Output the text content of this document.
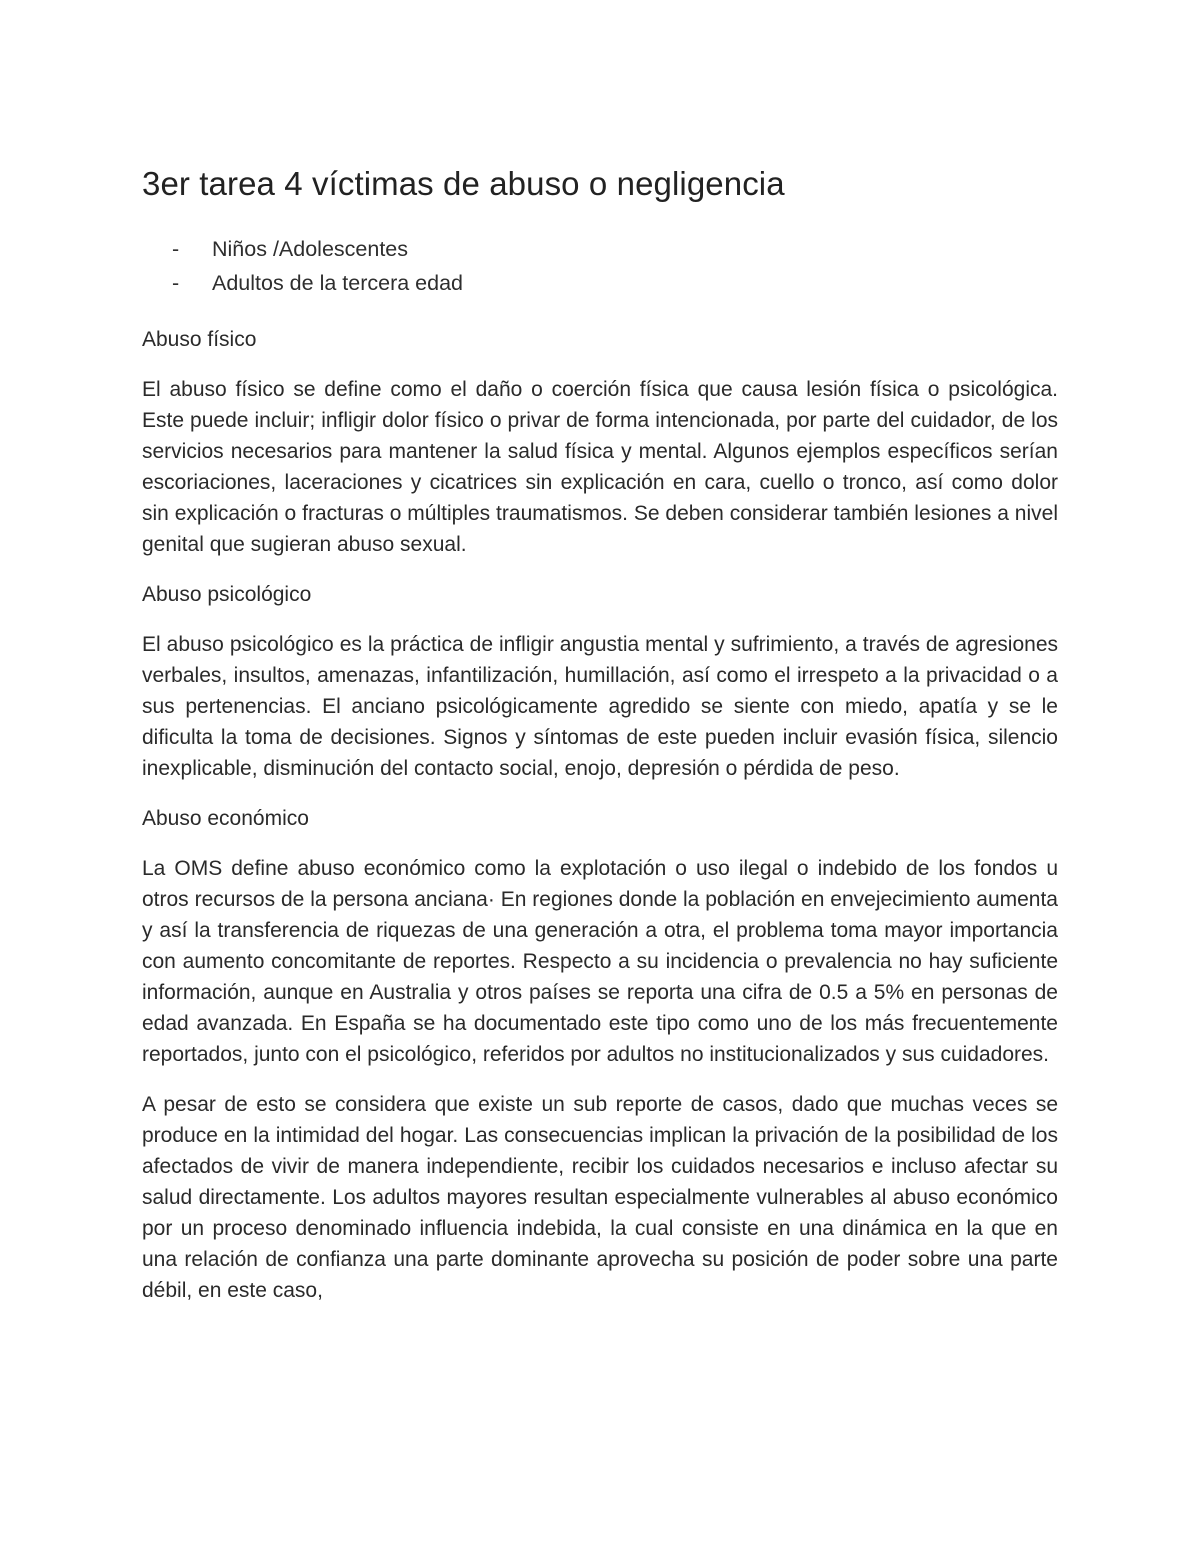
3er tarea 4 víctimas de abuso o negligencia
- Niños /Adolescentes
- Adultos de la tercera edad

Abuso físico

El abuso físico se define como el daño o coerción física que causa lesión física o psicológica. Este puede incluir; infligir dolor físico o privar de forma intencionada, por parte del cuidador, de los servicios necesarios para mantener la salud física y mental. Algunos ejemplos específicos serían escoriaciones, laceraciones y cicatrices sin explicación en cara, cuello o tronco, así como dolor sin explicación o fracturas o múltiples traumatismos. Se deben considerar también lesiones a nivel genital que sugieran abuso sexual.

Abuso psicológico

El abuso psicológico es la práctica de infligir angustia mental y sufrimiento, a través de agresiones verbales, insultos, amenazas, infantilización, humillación, así como el irrespeto a la privacidad o a sus pertenencias. El anciano psicológicamente agredido se siente con miedo, apatía y se le dificulta la toma de decisiones. Signos y síntomas de este pueden incluir evasión física, silencio inexplicable, disminución del contacto social, enojo, depresión o pérdida de peso.

Abuso económico

La OMS define abuso económico como la explotación o uso ilegal o indebido de los fondos u otros recursos de la persona anciana· En regiones donde la población en envejecimiento aumenta y así la transferencia de riquezas de una generación a otra, el problema toma mayor importancia con aumento concomitante de reportes. Respecto a su incidencia o prevalencia no hay suficiente información, aunque en Australia y otros países se reporta una cifra de 0.5 a 5% en personas de edad avanzada. En España se ha documentado este tipo como uno de los más frecuentemente reportados, junto con el psicológico, referidos por adultos no institucionalizados y sus cuidadores.

A pesar de esto se considera que existe un sub reporte de casos, dado que muchas veces se produce en la intimidad del hogar. Las consecuencias implican la privación de la posibilidad de los afectados de vivir de manera independiente, recibir los cuidados necesarios e incluso afectar su salud directamente. Los adultos mayores resultan especialmente vulnerables al abuso económico por un proceso denominado influencia indebida, la cual consiste en una dinámica en la que en una relación de confianza una parte dominante aprovecha su posición de poder sobre una parte débil, en este caso,
